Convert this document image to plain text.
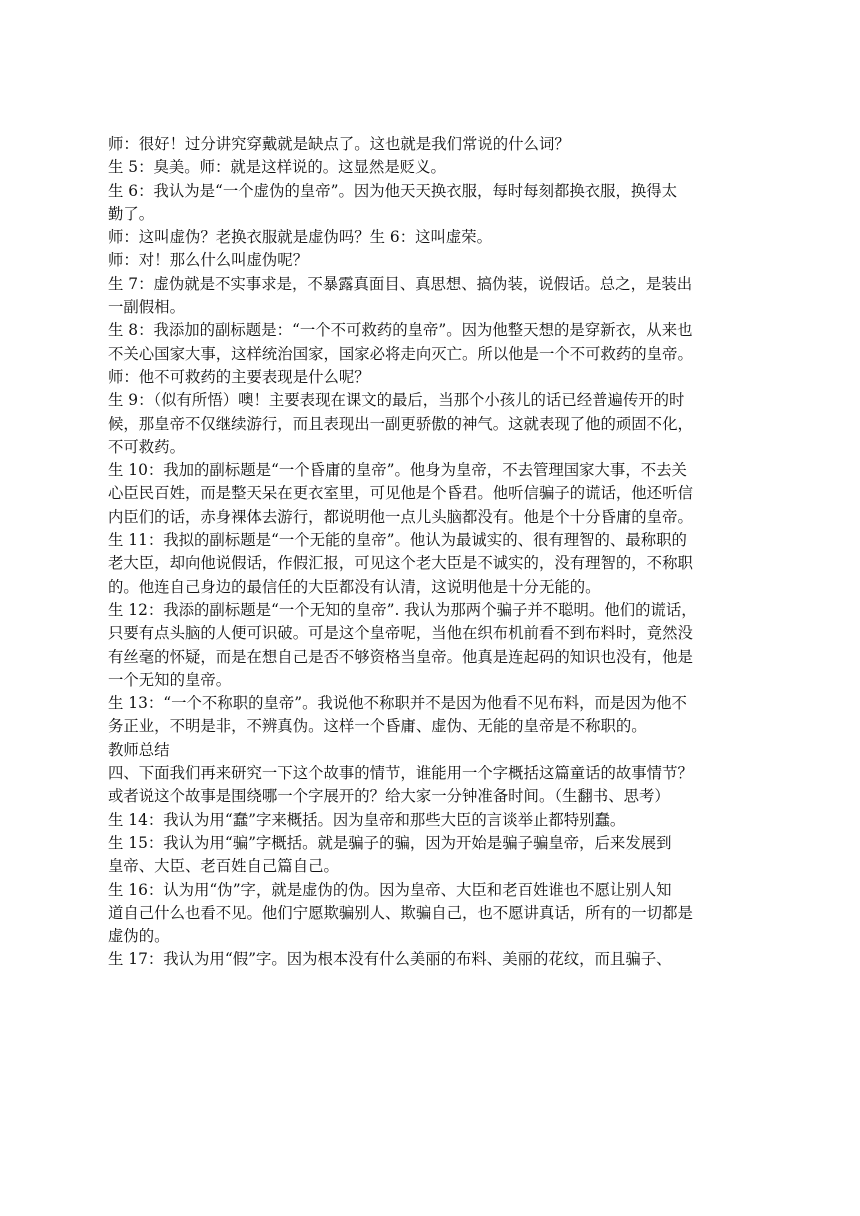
师：很好！过分讲究穿戴就是缺点了。这也就是我们常说的什么词？
生 5：臭美。师：就是这样说的。这显然是贬义。
生 6：我认为是“一个虚伪的皇帝”。因为他天天换衣服，每时每刻都换衣服，换得太
勤了。
师：这叫虚伪？老换衣服就是虚伪吗？生 6：这叫虚荣。
师：对！那么什么叫虚伪呢？
生 7：虚伪就是不实事求是，不暴露真面目、真思想、搞伪装，说假话。总之，是装出
一副假相。
生 8：我添加的副标题是：“一个不可救药的皇帝”。因为他整天想的是穿新衣，从来也
不关心国家大事，这样统治国家，国家必将走向灭亡。所以他是一个不可救药的皇帝。
师：他不可救药的主要表现是什么呢？
生 9：（似有所悟）噢！主要表现在课文的最后，当那个小孩儿的话已经普遍传开的时
候，那皇帝不仅继续游行，而且表现出一副更骄傲的神气。这就表现了他的顽固不化，
不可救药。
生 10：我加的副标题是“一个昏庸的皇帝”。他身为皇帝，不去管理国家大事，不去关
心臣民百姓，而是整天呆在更衣室里，可见他是个昏君。他听信骗子的谎话，他还听信
内臣们的话，赤身裸体去游行，都说明他一点儿头脑都没有。他是个十分昏庸的皇帝。
生 11：我拟的副标题是“一个无能的皇帝”。他认为最诚实的、很有理智的、最称职的
老大臣，却向他说假话，作假汇报，可见这个老大臣是不诚实的，没有理智的，不称职
的。他连自己身边的最信任的大臣都没有认清，这说明他是十分无能的。
生 12：我添的副标题是“一个无知的皇帝”. 我认为那两个骗子并不聪明。他们的谎话，
只要有点头脑的人便可识破。可是这个皇帝呢，当他在织布机前看不到布料时，竟然没
有丝毫的怀疑，而是在想自己是否不够资格当皇帝。他真是连起码的知识也没有，他是
一个无知的皇帝。
生 13：“一个不称职的皇帝”。我说他不称职并不是因为他看不见布料，而是因为他不
务正业，不明是非，不辨真伪。这样一个昏庸、虚伪、无能的皇帝是不称职的。
教师总结
四、下面我们再来研究一下这个故事的情节，谁能用一个字概括这篇童话的故事情节？
或者说这个故事是围绕哪一个字展开的？给大家一分钟准备时间。（生翻书、思考）
生 14：我认为用“蠢”字来概括。因为皇帝和那些大臣的言谈举止都特别蠢。
生 15：我认为用“骗”字概括。就是骗子的骗，因为开始是骗子骗皇帝，后来发展到
皇帝、大臣、老百姓自己篇自己。
生 16：认为用“伪”字，就是虚伪的伪。因为皇帝、大臣和老百姓谁也不愿让别人知
道自己什么也看不见。他们宁愿欺骗别人、欺骗自己，也不愿讲真话，所有的一切都是
虚伪的。
生 17：我认为用“假”字。因为根本没有什么美丽的布料、美丽的花纹，而且骗子、
